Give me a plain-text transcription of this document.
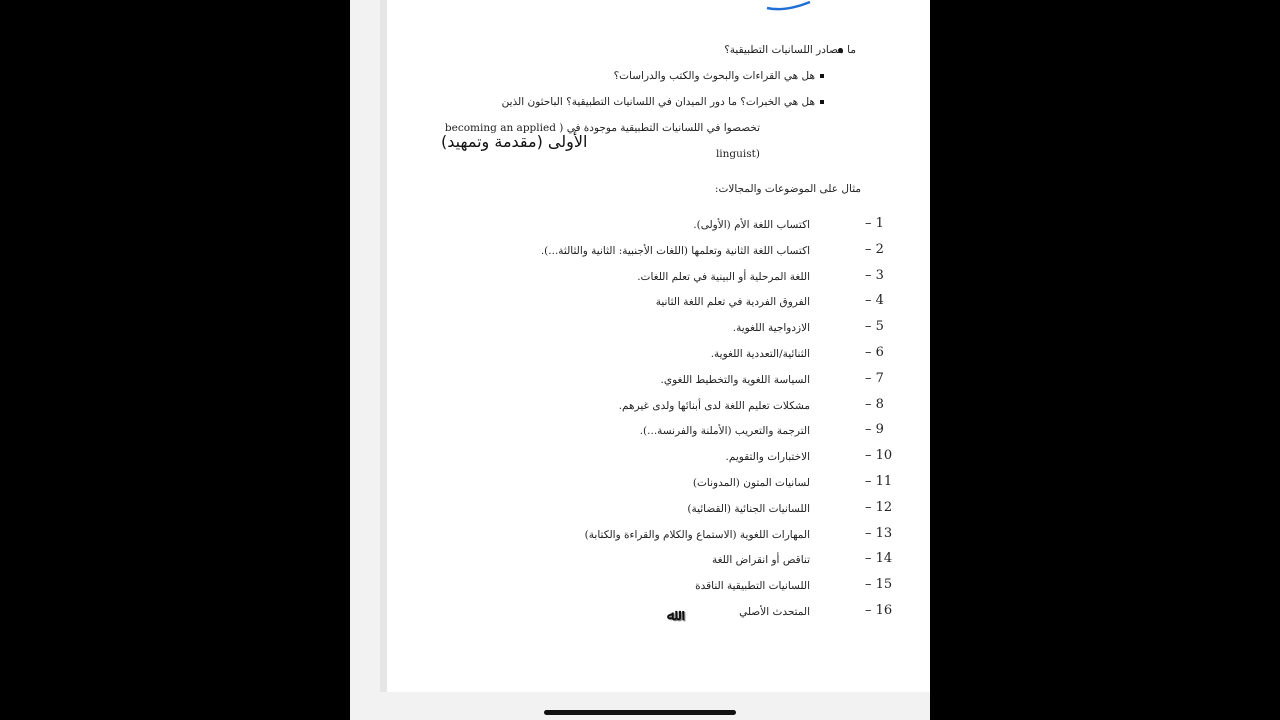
ما مصادر اللسانيات التطبيقية؟
هل هي القراءات والبحوث والكتب والدراسات؟
هل هي الخبرات؟ ما دور الميدان في اللسانيات التطبيقية؟ الباحثون الذين
تخصصوا في اللسانيات التطبيقية موجودة في ( becoming an applied
(linguist
الأولى (مقدمة وتمهيد)
مثال على الموضوعات والمجالات:
– 1
اكتساب اللغة الأم (الأولى).
– 2
اكتساب اللغة الثانية وتعلمها (اللغات الأجنبية: الثانية والثالثة...).
– 3
اللغة المرحلية أو البينية في تعلم اللغات.
– 4
الفروق الفردية في تعلم اللغة الثانية
– 5
الازدواجية اللغوية.
– 6
الثنائية/التعددية اللغوية.
– 7
السياسة اللغوية والتخطيط اللغوي.
– 8
مشكلات تعليم اللغة لدى أبنائها ولدى غيرهم.
– 9
الترجمة والتعريب (الأملنة والفرنسة...).
– 10
الاختبارات والتقويم.
– 11
لسانيات المتون (المدونات)
– 12
اللسانيات الجنائية (القضائية)
– 13
المهارات اللغوية (الاستماع والكلام والقراءة والكتابة)
– 14
تناقص أو انقراض اللغة
– 15
اللسانيات التطبيقية الناقدة
– 16
المتحدث الأصلي
ﷲ
